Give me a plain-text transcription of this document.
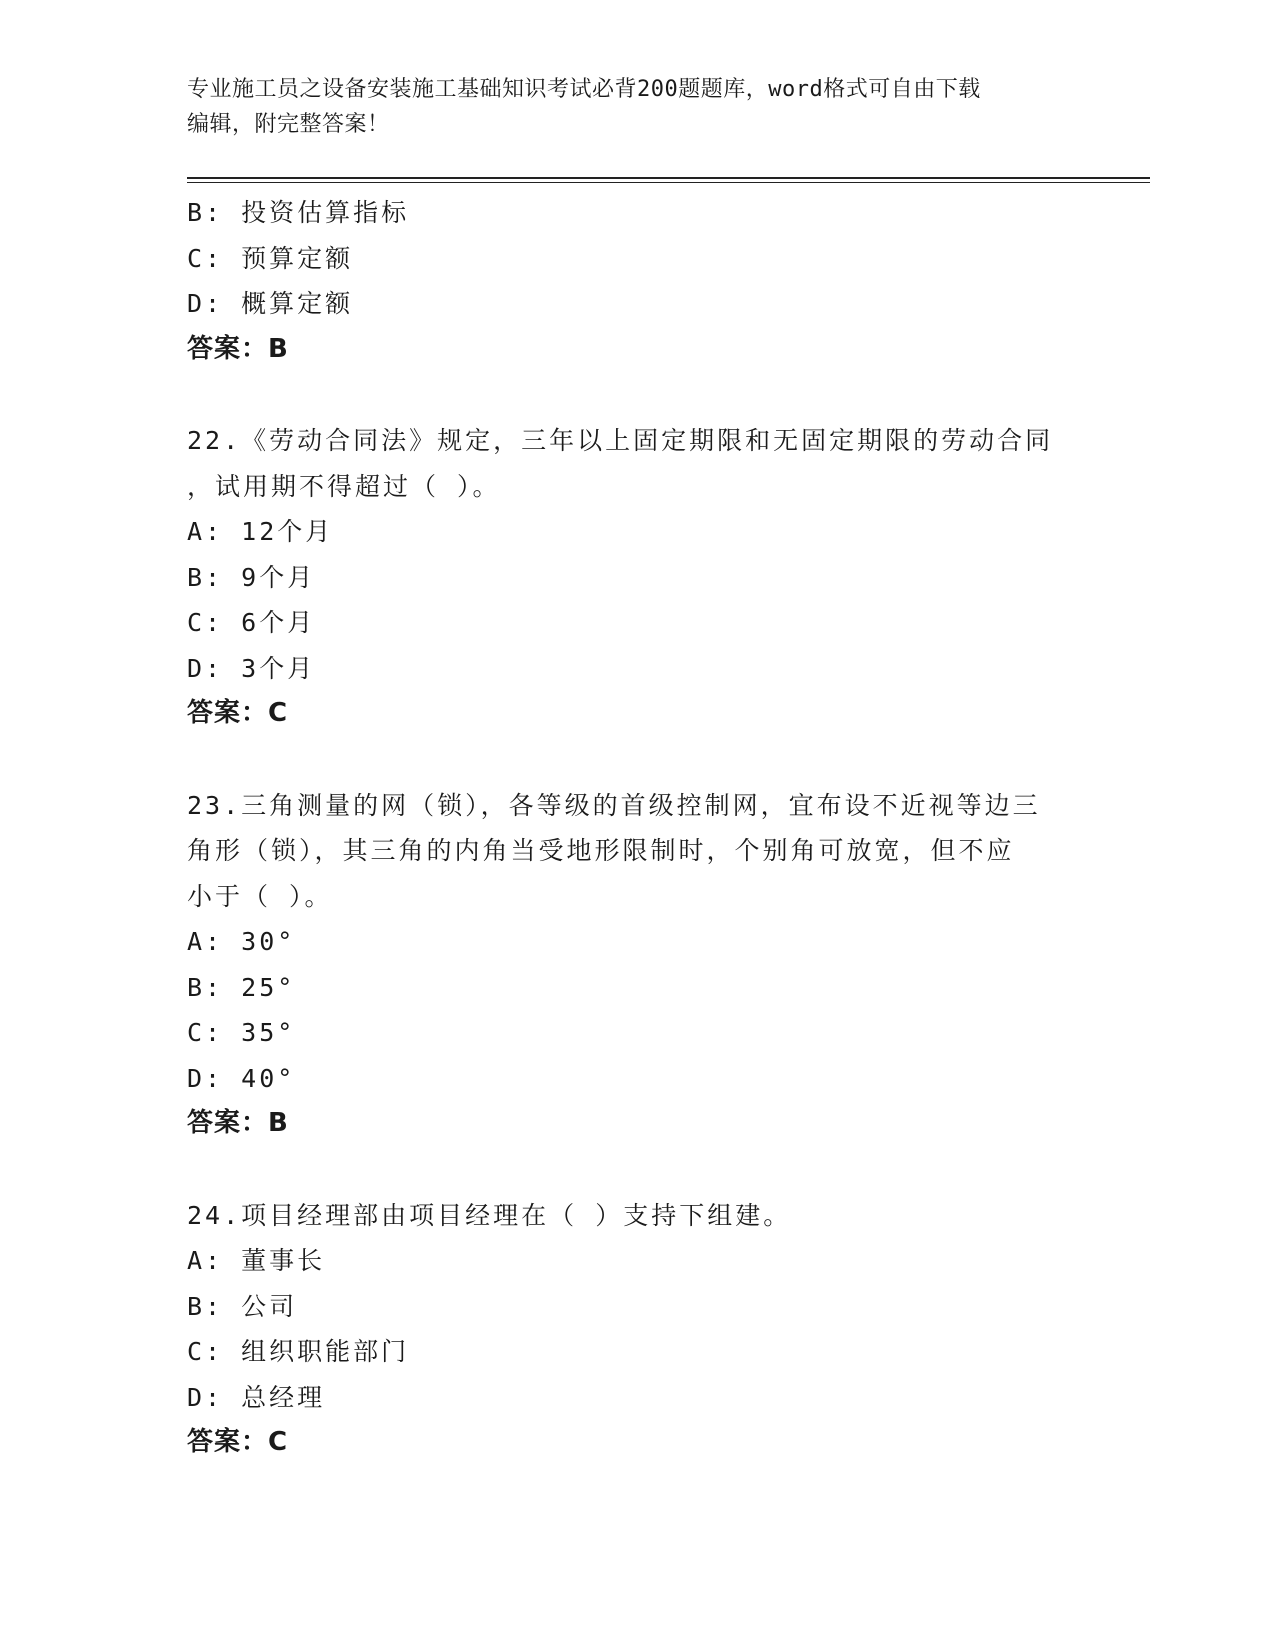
专业施工员之设备安装施工基础知识考试必背200题题库，word格式可自由下载
编辑，附完整答案！
B: 投资估算指标
C: 预算定额
D: 概算定额
答案：B
22.《劳动合同法》规定，三年以上固定期限和无固定期限的劳动合同
，试用期不得超过（ ）。
A: 12个月
B: 9个月
C: 6个月
D: 3个月
答案：C
23.三角测量的网（锁），各等级的首级控制网，宜布设不近视等边三
角形（锁），其三角的内角当受地形限制时，个别角可放宽，但不应
小于（ ）。
A: 30°
B: 25°
C: 35°
D: 40°
答案：B
24.项目经理部由项目经理在（ ）支持下组建。
A: 董事长
B: 公司
C: 组织职能部门
D: 总经理
答案：C
